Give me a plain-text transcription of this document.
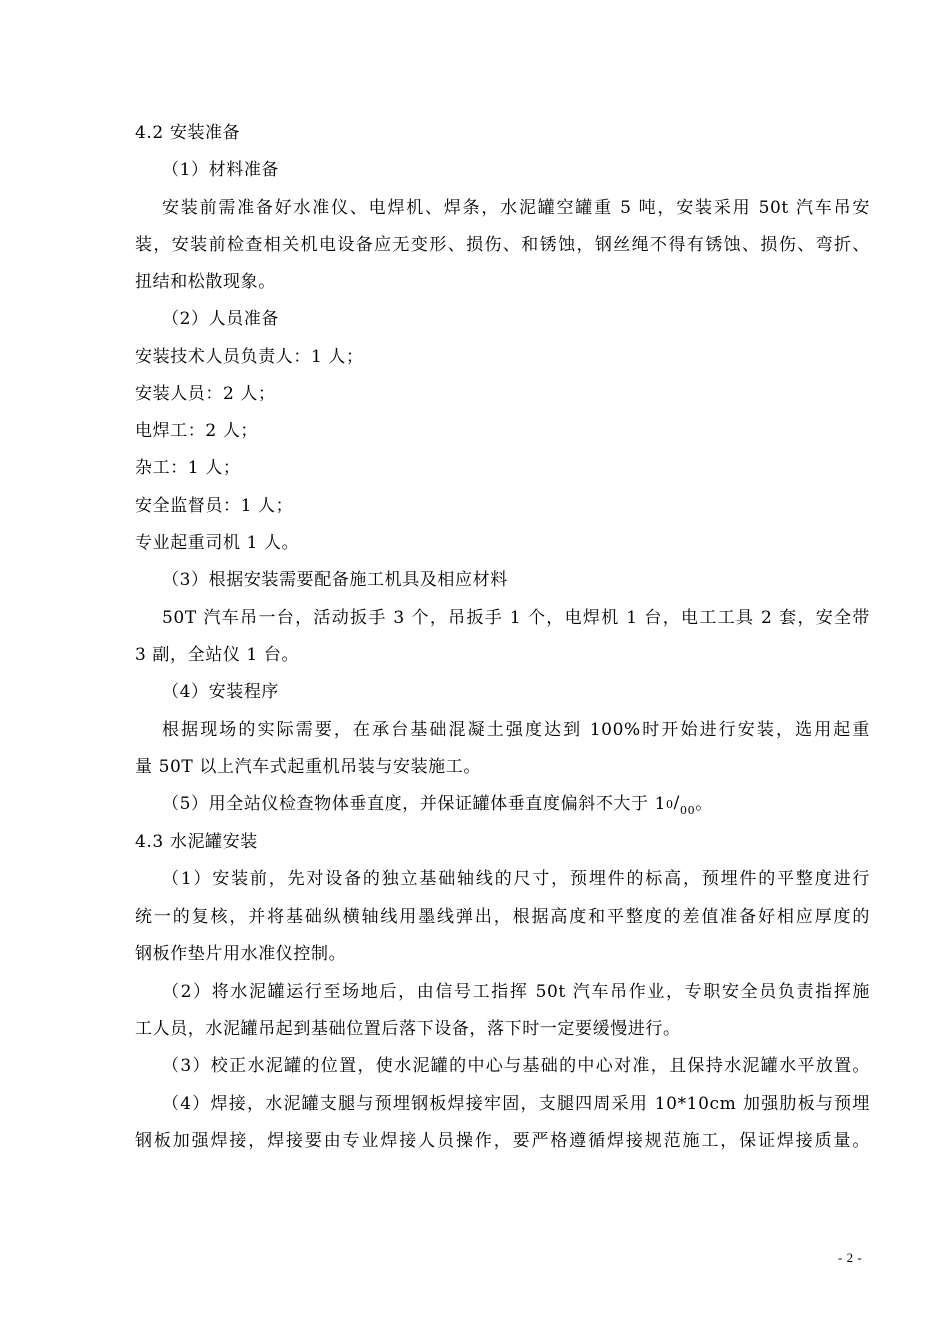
4.2 安装准备
（1）材料准备
安装前需准备好水准仪、电焊机、焊条，水泥罐空罐重 5 吨，安装采用 50t 汽车吊安
装，安装前检查相关机电设备应无变形、损伤、和锈蚀，钢丝绳不得有锈蚀、损伤、弯折、
扭结和松散现象。
（2）人员准备
安装技术人员负责人：1 人；
安装人员：2 人；
电焊工：2 人；
杂工：1 人；
安全监督员：1 人；
专业起重司机 1 人。
（3）根据安装需要配备施工机具及相应材料
50T 汽车吊一台，活动扳手 3 个，吊扳手 1 个，电焊机 1 台，电工工具 2 套，安全带
3 副，全站仪 1 台。
（4）安装程序
根据现场的实际需要，在承台基础混凝土强度达到 100%时开始进行安装，选用起重
量 50T 以上汽车式起重机吊装与安装施工。
（5）用全站仪检查物体垂直度，并保证罐体垂直度偏斜不大于 $10/_{00}$。
4.3 水泥罐安装
（1）安装前，先对设备的独立基础轴线的尺寸，预埋件的标高，预埋件的平整度进行
统一的复核，并将基础纵横轴线用墨线弹出，根据高度和平整度的差值准备好相应厚度的
钢板作垫片用水准仪控制。
（2）将水泥罐运行至场地后，由信号工指挥 50t 汽车吊作业，专职安全员负责指挥施
工人员，水泥罐吊起到基础位置后落下设备，落下时一定要缓慢进行。
（3）校正水泥罐的位置，使水泥罐的中心与基础的中心对准，且保持水泥罐水平放置。
（4）焊接，水泥罐支腿与预埋钢板焊接牢固，支腿四周采用 10*10cm 加强肋板与预埋
钢板加强焊接，焊接要由专业焊接人员操作，要严格遵循焊接规范施工，保证焊接质量。
- 2 -
